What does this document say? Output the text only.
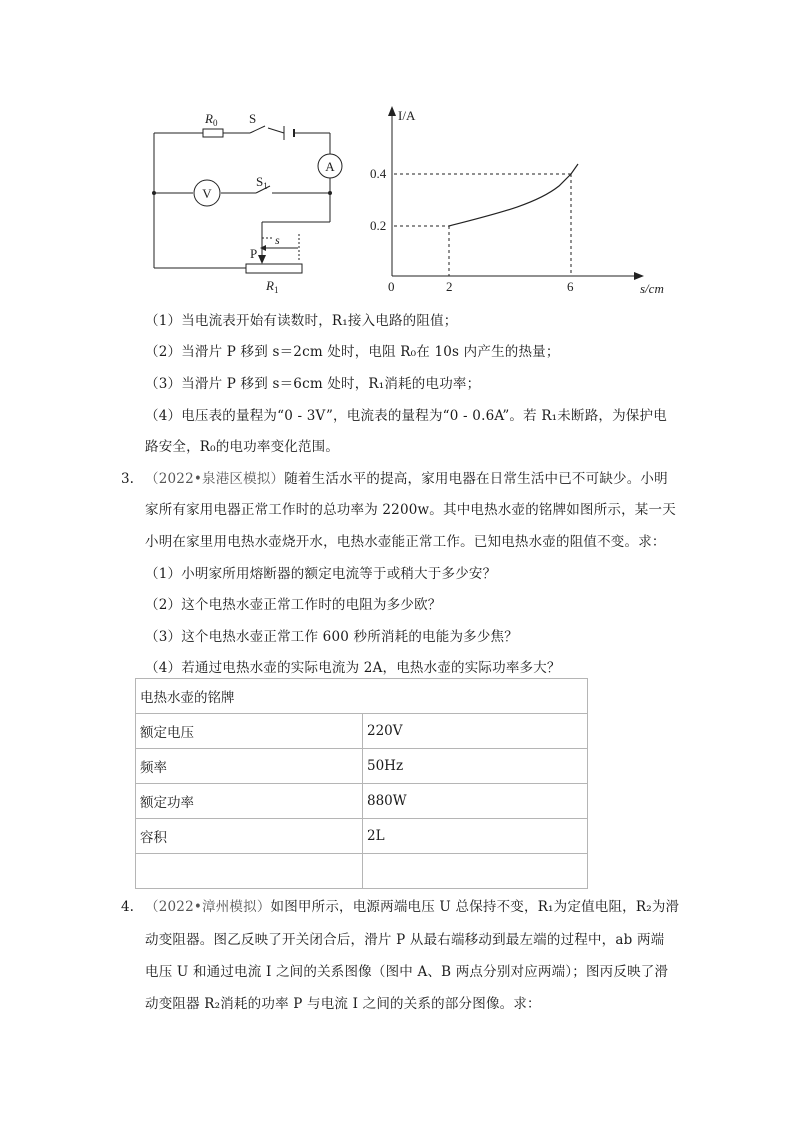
A
V
$R_0$ S
$S_1$
P
s
$R_1$
I/A
s/cm
0	2	6
0.2
0.4
（1）当电流表开始有读数时，R₁接入电路的阻值；
（2）当滑片 P 移到 s＝2cm 处时，电阻 R₀在 10s 内产生的热量；
（3）当滑片 P 移到 s＝6cm 处时，R₁消耗的电功率；
（4）电压表的量程为“0 - 3V”，电流表的量程为“0 - 0.6A”。若 R₁未断路，为保护电
路安全，R₀的电功率变化范围。
3. （2022•泉港区模拟）随着生活水平的提高，家用电器在日常生活中已不可缺少。小明
家所有家用电器正常工作时的总功率为 2200w。其中电热水壶的铭牌如图所示，某一天
小明在家里用电热水壶烧开水，电热水壶能正常工作。已知电热水壶的阻值不变。求：
（1）小明家所用熔断器的额定电流等于或稍大于多少安？
（2）这个电热水壶正常工作时的电阻为多少欧？
（3）这个电热水壶正常工作 600 秒所消耗的电能为多少焦？
（4）若通过电热水壶的实际电流为 2A，电热水壶的实际功率多大？
电热水壶的铭牌	
额定电压	220V
频率	50Hz
额定功率	880W
容积	2L

4. （2022•漳州模拟）如图甲所示，电源两端电压 U 总保持不变，R₁为定值电阻，R₂为滑
动变阻器。图乙反映了开关闭合后，滑片 P 从最右端移动到最左端的过程中，ab 两端
电压 U 和通过电流 I 之间的关系图像（图中 A、B 两点分别对应两端）；图丙反映了滑
动变阻器 R₂消耗的功率 P 与电流 I 之间的关系的部分图像。求：
